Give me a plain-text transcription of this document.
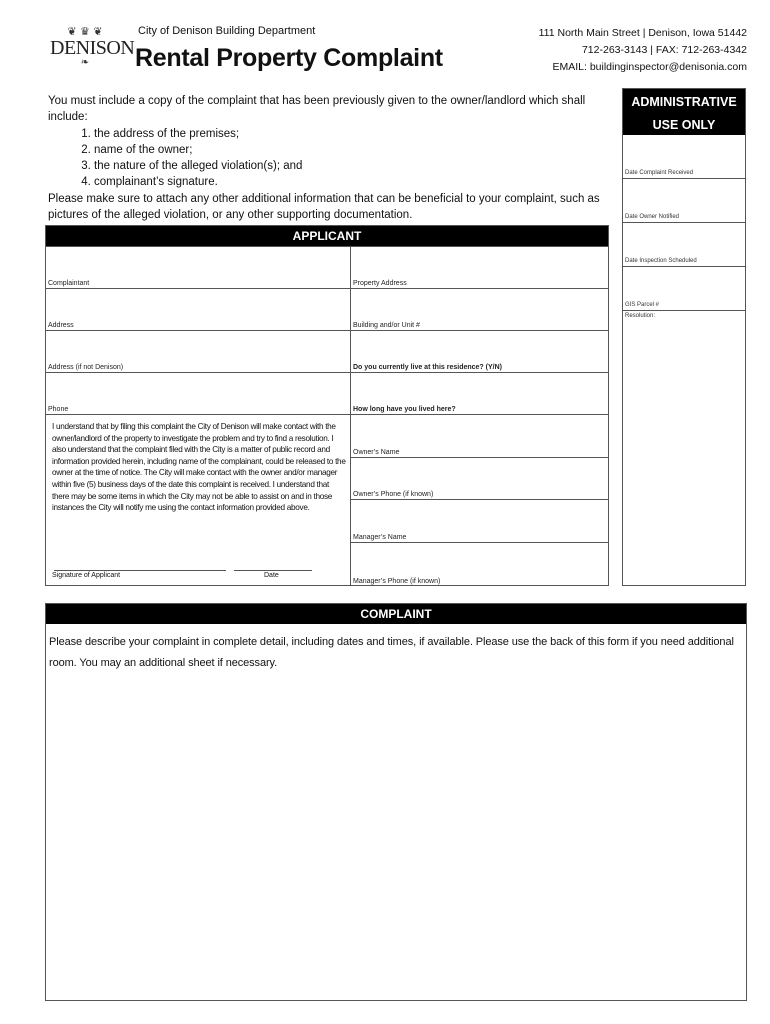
❦ ♛ ❦
DENISON
❧
City of Denison Building Department
Rental Property Complaint
111 North Main Street | Denison, Iowa 51442
712-263-3143 | FAX: 712-263-4342
EMAIL: buildinginspector@denisonia.com

You must include a copy of the complaint that has been previously given to the owner/landlord which shall include:

1. the address of the premises;
2. name of the owner;
3. the nature of the alleged violation(s); and
4. complainant’s signature.

Please make sure to attach any other additional information that can be beneficial to your complaint, such as pictures of the alleged violation, or any other supporting documentation.

ADMINISTRATIVE
USE ONLY
Date Complaint Received
Date Owner Notified
Date Inspection Scheduled
GIS Parcel #
Resolution:
APPLICANT
Complaintant	Property Address
Address	Building and/or Unit #
Address (if not Denison)	Do you currently live at this residence? (Y/N)
Phone	How long have you lived here?
Owner’s Name
Owner’s Phone (if known)
Manager’s Name
Manager’s Phone (if known)
I understand that by filing this complaint the City of Denison will make contact with the owner/landlord of the property to investigate the problem and try to find a resolution. I also understand that the complaint filed with the City is a matter of public record and information provided herein, including name of the complainant, could be released to the owner at the time of notice. The City will make contact with the owner and/or manager within five (5) business days of the date this complaint is received. I understand that there may be some items in which the City may not be able to assist on and in those instances the City will notify me using the contact information provided above.
Signature of Applicant	Date
COMPLAINT
Please describe your complaint in complete detail, including dates and times, if available. Please use the back of this form if you need additional room. You may an additional sheet if necessary.
